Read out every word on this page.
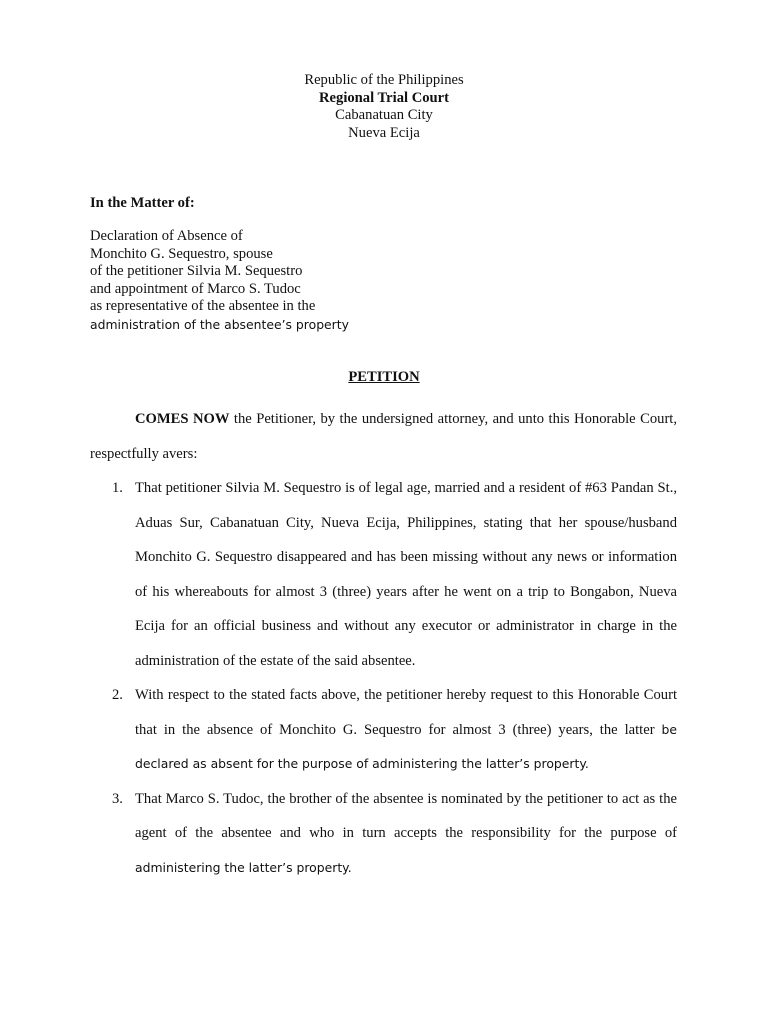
Republic of the Philippines
Regional Trial Court
Cabanatuan City
Nueva Ecija
In the Matter of:
Declaration of Absence of
Monchito G. Sequestro, spouse
of the petitioner Silvia M. Sequestro
and appointment of Marco S. Tudoc
as representative of the absentee in the
administration of the absentee’s property
PETITION

COMES NOW the Petitioner, by the undersigned attorney, and unto this Honorable Court, respectfully avers:

1. That petitioner Silvia M. Sequestro is of legal age, married and a resident of #63 Pandan St., Aduas Sur, Cabanatuan City, Nueva Ecija, Philippines, stating that her spouse/husband Monchito G. Sequestro disappeared and has been missing without any news or information of his whereabouts for almost 3 (three) years after he went on a trip to Bongabon, Nueva Ecija for an official business and without any executor or administrator in charge in the administration of the estate of the said absentee.
2. With respect to the stated facts above, the petitioner hereby request to this Honorable Court that in the absence of Monchito G. Sequestro for almost 3 (three) years, the latter be declared as absent for the purpose of administering the latter’s property.
3. That Marco S. Tudoc, the brother of the absentee is nominated by the petitioner to act as the agent of the absentee and who in turn accepts the responsibility for the purpose of administering the latter’s property.
